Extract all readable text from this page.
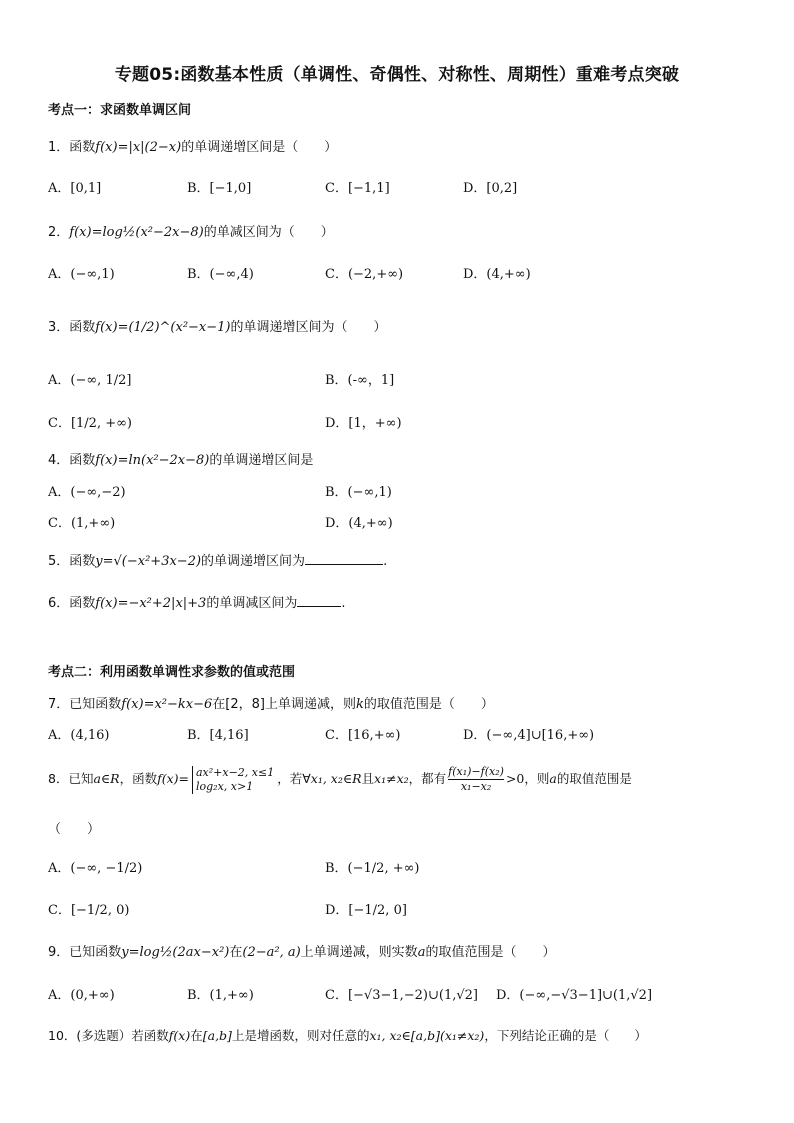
专题05:函数基本性质（单调性、奇偶性、对称性、周期性）重难考点突破
考点一：求函数单调区间
1．函数f(x)=|x|(2−x)的单调递增区间是（　　）
A．[0,1]	B．[−1,0]	C．[−1,1]	D．[0,2]
2．f(x)=log½(x²−2x−8)的单减区间为（　　）
A．(−∞,1)	B．(−∞,4)	C．(−2,+∞)	D．(4,+∞)
3．函数f(x)=(1/2)^(x²−x−1)的单调递增区间为（　　）
A．(−∞, 1/2]	B．(-∞，1]
C．[1/2, +∞)	D．[1，+∞)
4．函数f(x)=ln(x²−2x−8)的单调递增区间是
A．(−∞,−2)	B．(−∞,1)
C．(1,+∞)	D．(4,+∞)
5．函数y=√(−x²+3x−2)的单调递增区间为	.
6．函数f(x)=−x²+2|x|+3的单调减区间为	.
考点二：利用函数单调性求参数的值或范围
7．已知函数f(x)=x²−kx−6在[2，8]上单调递减，则k的取值范围是（　　）
A．(4,16)	B．[4,16]	C．[16,+∞)	D．(−∞,4]∪[16,+∞)
8．已知a∈R，函数f(x)= ax²+x−2, x≤1
log₂x, x>1	，若∀x₁, x₂∈R且x₁≠x₂，都有 $\frac{\text{f(x₁)−f(x₂)}}{\text{x₁−x₂}} >0$，则a的取值范围是
（　　）
A．(−∞, −1/2)	B．(−1/2, +∞)
C．[−1/2, 0)	D．[−1/2, 0]
9．已知函数y=log½(2ax−x²)在(2−a², a)上单调递减，则实数a的取值范围是（　　）
A．(0,+∞)	B．(1,+∞)	C．[−√3−1,−2)∪(1,√2] D．(−∞,−√3−1]∪(1,√2]
10．(多选题）若函数f(x)在[a,b]上是增函数，则对任意的x₁, x₂∈[a,b](x₁≠x₂)，下列结论正确的是（　　）
